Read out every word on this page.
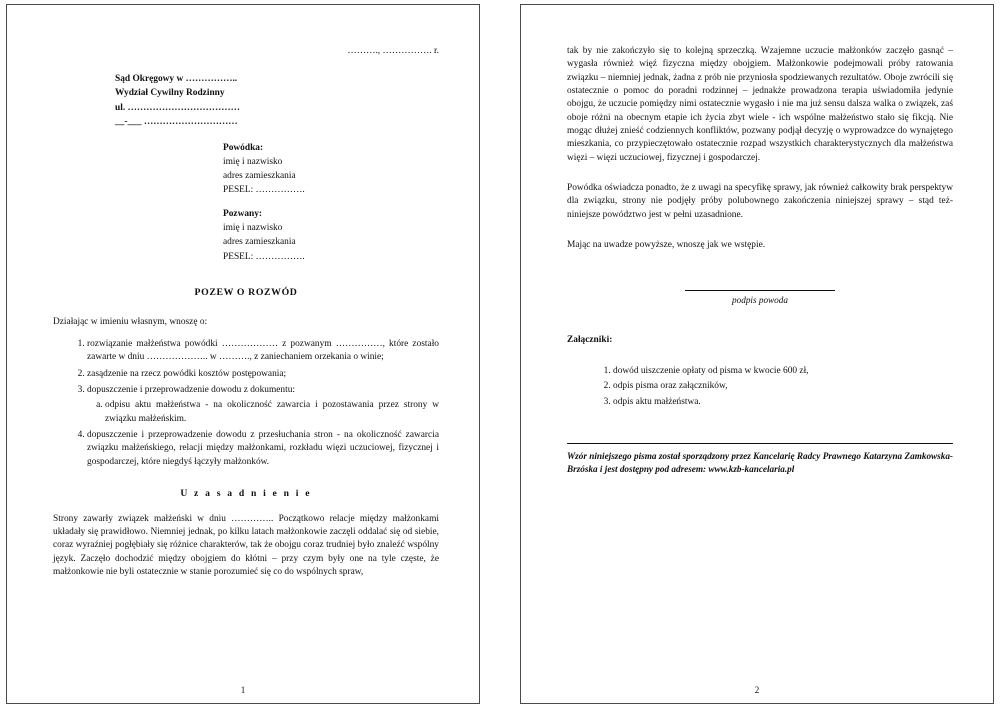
………., ……………. r.
Sąd Okręgowy w ……………..
Wydział Cywilny Rodzinny
ul. ………………………………
__-___ …………………………
Powódka:
imię i nazwisko
adres zamieszkania
PESEL: …………….
Pozwany:
imię i nazwisko
adres zamieszkania
PESEL: …………….
POZEW O ROZWÓD
Działając w imieniu własnym, wnoszę o:
1. rozwiązanie małżeństwa powódki ……………… z pozwanym ……………, które zostało zawarte w dniu ……………….. w ………., z zaniechaniem orzekania o winie;
2. zasądzenie na rzecz powódki kosztów postępowania;
3. dopuszczenie i przeprowadzenie dowodu z dokumentu:
a. odpisu aktu małżeństwa - na okoliczność zawarcia i pozostawania przez strony w związku małżeńskim.
4. dopuszczenie i przeprowadzenie dowodu z przesłuchania stron - na okoliczność zawarcia związku małżeńskiego, relacji między małżonkami, rozkładu więzi uczuciowej, fizycznej i gospodarczej, które niegdyś łączyły małżonków.
U z a s a d n i e n i e
Strony zawarły związek małżeński w dniu ………….. Początkowo relacje między małżonkami układały się prawidłowo. Niemniej jednak, po kilku latach małżonkowie zaczęli oddalać się od siebie, coraz wyraźniej pogłębiały się różnice charakterów, tak że obojgu coraz trudniej było znaleźć wspólny język. Zaczęło dochodzić między obojgiem do kłótni – przy czym były one na tyle częste, że małżonkowie nie byli ostatecznie w stanie porozumieć się co do wspólnych spraw,
1
tak by nie zakończyło się to kolejną sprzeczką. Wzajemne uczucie małżonków zaczęło gasnąć – wygasła również więź fizyczna między obojgiem. Małżonkowie podejmowali próby ratowania związku – niemniej jednak, żadna z prób nie przyniosła spodziewanych rezultatów. Oboje zwrócili się ostatecznie o pomoc do poradni rodzinnej – jednakże prowadzona terapia uświadomiła jedynie obojgu, że uczucie pomiędzy nimi ostatecznie wygasło i nie ma już sensu dalsza walka o związek, zaś oboje różni na obecnym etapie ich życia zbyt wiele - ich wspólne małżeństwo stało się fikcją. Nie mogąc dłużej znieść codziennych konfliktów, pozwany podjął decyzję o wyprowadzce do wynajętego mieszkania, co przypieczętowało ostatecznie rozpad wszystkich charakterystycznych dla małżeństwa więzi – więzi uczuciowej, fizycznej i gospodarczej.
Powódka oświadcza ponadto, że z uwagi na specyfikę sprawy, jak również całkowity brak perspektyw dla związku, strony nie podjęły próby polubownego zakończenia niniejszej sprawy – stąd też- niniejsze powództwo jest w pełni uzasadnione.
Mając na uwadze powyższe, wnoszę jak we wstępie.
podpis powoda
Załączniki:
1. dowód uiszczenie opłaty od pisma w kwocie 600 zł,
2. odpis pisma oraz załączników,
3. odpis aktu małżeństwa.
Wzór niniejszego pisma został sporządzony przez Kancelarię Radcy Prawnego Katarzyna Zamkowska-Brzóska i jest dostępny pod adresem: www.kzb-kancelaria.pl
2
